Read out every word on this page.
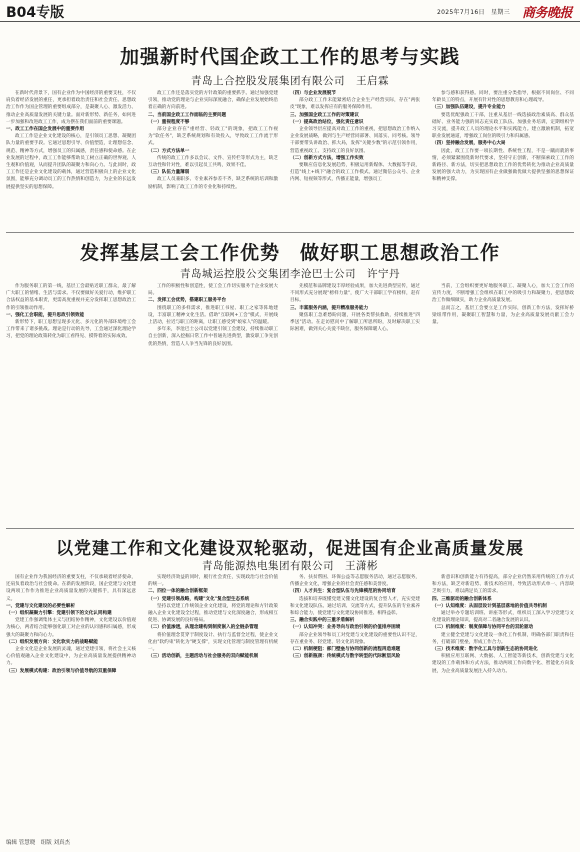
B04专版	2025年7月16日　 星期三 商务晚报
加强新时代国企政工工作的思考与实践
青岛上合控股发展集团有限公司　王启霖

在新时代背景下，国有企业作为中国经济的重要支柱，不仅肩负着经济发展的重任，更承担着政治责任和社会责任。思想政治工作作为国企管理的重要组成部分，是凝聚人心、激发活力、推动企业高质量发展的关键力量。面对新形势、新任务，如何进一步加强和改进政工工作，成为摆在我们面前的重要课题。

一、政工工作在国企发展中的重要作用

政工工作是企业文化建设的核心，是引领员工思想、凝聚团队力量的重要手段。它通过思想引导、价值塑造，让理想信念、规范、精神等方式，增强员工的归属感，责任感和使命感。在企业发展的过程中，政工工作能够帮助员工树立正确的世界观、人生观和价值观，从而提升团队的凝聚力和向心力。与此同时，政工工作还是企业文化建设的载体，通过营造积极向上的企业文化氛围，能够充分调动员工的工作热情和创造力，为企业的长远发展提供坚实的思想保障。

政工工作还是落实党的方针政策的重要抓手。通过加强党建引领，推动党的理论与企业实际深度融合，确保企业发展始终沿着正确的方向前进。

二、当前国企政工工作面临的主要问题

（一）重视程度不够

部分企业存在"重经营、轻政工"的现象，把政工工作视为"软任务"，缺乏系统规划和有效投入，导致政工工作流于形式。

（二）方式方法单一

传统的政工工作多以会议、文件、宣传栏等形式为主，缺乏互动性和针对性，难以引起员工共鸣，效果不佳。

（三）队伍力量薄弱

政工人员兼职多、专业素养参差不齐，缺乏系统的培训和激励机制，影响了政工工作的专业化和持续性。

（四）与企业发展脱节

部分政工工作未能紧密结合企业生产经营实际，存在"两张皮"现象，难以发挥应有的服务保障作用。

三、加强国企政工工作的对策建议

（一）提高政治站位，强化责任意识

企业领导层应提高对政工工作的重视，把思想政治工作纳入企业发展战略，做到与生产经营同部署、同落实、同考核。领导干部要带头讲政治、抓大局，发挥"关键少数"的示范引领作用，营造重视政工、支持政工的良好氛围。

（二）创新方式方法，增强工作实效

要顺应信息化发展趋势，积极运用新媒体、大数据等手段，打造"线上+线下"融合的政工工作模式。通过微信公众号、企业内网、短视频等形式，传播正能量，增强员工

参与感和获得感。同时，要注重分类指导，根据不同岗位、不同年龄员工的特点，开展有针对性的思想教育和心理疏导。

（三）加强队伍建设，提升专业能力

要选优配强政工干部，注重从基层一线选拔政治素质高、群众基础好、业务能力强的同志充实政工队伍。加强业务培训，定期组织学习交流，提升政工人员的理论水平和实践能力。建立激励机制，拓宽职业发展通道，增强政工岗位的吸引力和归属感。

（四）坚持融合发展，服务中心大局

因此，政工工作要一项长期性、系统性工程，不是一蹴而就的事情，必须紧紧围绕新时代要求，坚持守正创新，不断探索政工工作的新路径、新方法，切实把思想政治工作的优势转化为推动企业高质量发展的强大动力，为实现国有企业做强做优做大提供坚强的思想保证和精神支撑。

发挥基层工会工作优势　做好职工思想政治工作
青岛城运控股公交集团李沧巴士公司　许宁丹

作为服务职工的第一线，基层工会最贴近职工群众，最了解广大职工的情绪、生活与需求。不仅要做好关爱行动，维护职工合法权益的基本职责，更需高度重视并充分发挥职工思想政治工作的引领推动作用。

一、强化工会职能，提升思政引领效能

新形势下，职工思想呈现多元化、多元化的外部环境给工会工作带来了诸多挑战。理论是行动的先导，工会通过深化理论学习，把党的理论政策转化为职工看得见、摸得着的实际成效。

工作的积极性和创造性，使工会工作切实服务于企业发展大局。

二、发挥工会优势，搭建职工服务平台

围绕职工的多样需求，推进职工书屋、职工之家等阵地建设，丰富职工精神文化生活。借助"互联网+工会"模式，开展线上活动，拉近与职工的距离，让职工感受到"娘家人"的温暖。

多年来，李沧巴士公司以党建引领工会建设，持续推动职工自主创新，深入挖掘日常工作中普通先进典型，激发职工争先创优的热情，营造人人争当先锋的良好氛围。

先模范和品牌建设丰厚经验成果，加大先进典型宣传，通过不同形式充分展现"榜样力量"，使广大干部职工学有榜样，赶有目标。

三、丰富服务内涵，提升精准服务能力

聚焦职工急难愁盼问题，开展各类帮扶救助，持续推进"四季送"活动。在走访慰问中了解职工所思所盼，及时解决职工实际困难，做到关心关爱不缺位，服务保障暖人心。

当前，工会组织要更好地服务职工、凝聚人心，加大工会工作的宣传力度，不断增强工会组织在职工中的吸引力和凝聚力，把思想政治工作做细做实，助力企业高质量发展。

总而言之，基层工会要立足工作实际，创新工作方法，发挥好桥梁纽带作用，凝聚职工智慧和力量，为企业高质量发展贡献工会力量。

以党建工作和文化建设双轮驱动，促进国有企业高质量发展
青岛能源热电集团有限公司　王潇彬

国有企业作为我国经济的重要支柱，不仅承载着经济使命，还肩负着政治与社会使命。在新的发展阶段，国企党建与文化建设两项工作作为推进企业高质量发展的关键抓手，具有深远意义。

一、党建与文化建设的必要性解析

（一）组织凝聚力引擎：党建引领下的文化认同构建

党建工作强调集体主义与团结协作精神，文化建设以价值观为核心，两者结合能够强化职工对企业的认同感和归属感，形成强大的凝聚力和向心力。

（二）组织发展方向：文化软实力的战略赋能

企业文化是企业发展的灵魂，通过党建引领，将社会主义核心价值观融入企业文化建设中，为企业高质量发展提供精神动力。

（三）发展模式构建：政治引领与价值导航的双重保障

实现经济效益的同时，履行社会责任，实现政治与社会价值的统一。

二、四位一体的融合创新框架

（一）党建引领战略，构建"文化"复合型生态系统

坚持以党建工作统领企业文化建设，将党的理论和方针政策融入企业文化建设全过程，推动党建与文化深度融合，形成相互促进、协调发展的良好格局。

（二）价值渗透，从理念建构到制度嵌入的全链条管理

将价值理念贯穿于制度设计、执行与监督全过程，使企业文化由"软约束"转化为"硬支撑"，实现文化管理与制度管理有机统一。

（三）活动创新，主题活动与社会服务的双向赋能机制

务、扶贫帮困、环保公益等志愿服务活动，通过志愿服务，传播企业文化，增强企业的社会责任感和美誉度。

（四）人才共生：复合型队伍与先锋模范的协同培育

选拔和培养既懂党建又懂文化建设的复合型人才，充实党建和文化建设队伍。通过培训、交流等方式，提升队伍的专业素养和综合能力，使党建与文化建设协同推进、相得益彰。

三、融合实践中的三重矛盾解析

（一）认知冲突：业务导向与政治引领的价值排序困境

部分企业领导和员工对党建与文化建设的重要性认识不足，存在重业务、轻党建、轻文化的现象。

（二）机制梗阻：部门壁垒与协同创新的流程再造难题

（三）创新瓶颈：传统模式与数字转型的代际断层风险

新意识和创新能力有待提高，部分企业仍然采用传统的工作方式和方法，缺乏对新趋势、新技术的应用，导致活动形式单一、内容缺乏吸引力，难以满足员工的需求。

四、三维驱动的融合创新体系

（一）认知维度：从固层设计到基层落地的价值共导机制

通过举办专题培训班、讲座等形式，组织员工深入学习党建与文化建设的理论知识，提高对二者融合发展的认识。

（二）机制维度：制度保障与协同平台的双轮驱动

建立健全党建与文化建设一体化工作机制，明确各部门职责和任务，打破部门壁垒，形成工作合力。

（三）技术维度：数字化工具与创新生态的协同进化

积极应用互联网、大数据、人工智能等新技术，创新党建与文化建设的工作载体和方式方法，推动两项工作向数字化、智能化方向发展，为企业高质量发展注入持久动力。

编辑 管慧晓　组版 刘真杰
